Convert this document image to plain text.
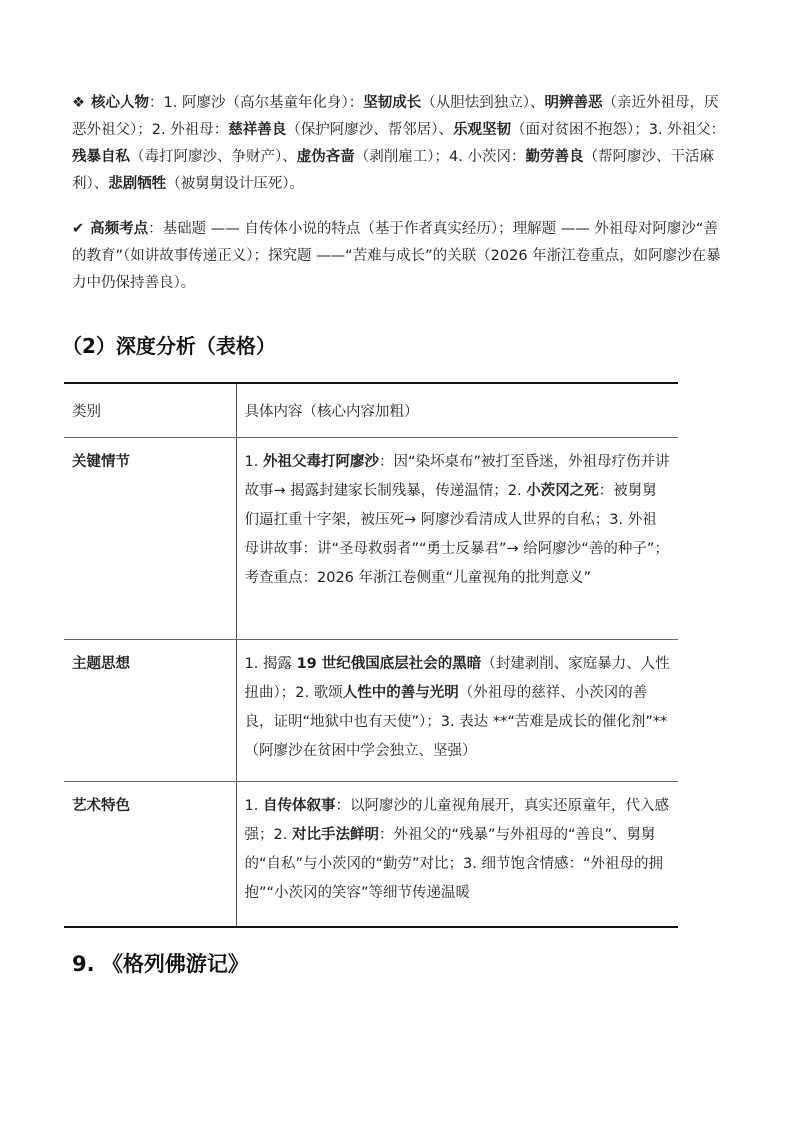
❖ 核心人物：1. 阿廖沙（高尔基童年化身）：坚韧成长（从胆怯到独立）、明辨善恶（亲近外祖母，厌恶外祖父）；2. 外祖母：慈祥善良（保护阿廖沙、帮邻居）、乐观坚韧（面对贫困不抱怨）；3. 外祖父：残暴自私（毒打阿廖沙、争财产）、虚伪吝啬（剥削雇工）；4. 小茨冈：勤劳善良（帮阿廖沙、干活麻利）、悲剧牺牲（被舅舅设计压死）。
✔ 高频考点：基础题 —— 自传体小说的特点（基于作者真实经历）；理解题 —— 外祖母对阿廖沙“善的教育”（如讲故事传递正义）；探究题 ——“苦难与成长”的关联（2026 年浙江卷重点，如阿廖沙在暴力中仍保持善良）。
（2）深度分析（表格）
类别	具体内容（核心内容加粗）
关键情节	1. 外祖父毒打阿廖沙：因“染坏桌布”被打至昏迷，外祖母疗伤并讲故事→ 揭露封建家长制残暴，传递温情；2. 小茨冈之死：被舅舅们逼扛重十字架，被压死→ 阿廖沙看清成人世界的自私；3. 外祖母讲故事：讲“圣母救弱者”“勇士反暴君”→ 给阿廖沙“善的种子”；考查重点：2026 年浙江卷侧重“儿童视角的批判意义”
主题思想	1. 揭露 19 世纪俄国底层社会的黑暗（封建剥削、家庭暴力、人性扭曲）；2. 歌颂人性中的善与光明（外祖母的慈祥、小茨冈的善良，证明“地狱中也有天使”）；3. 表达 **“苦难是成长的催化剂”**（阿廖沙在贫困中学会独立、坚强）
艺术特色	1. 自传体叙事：以阿廖沙的儿童视角展开，真实还原童年，代入感强；2. 对比手法鲜明：外祖父的“残暴”与外祖母的“善良”、舅舅的“自私”与小茨冈的“勤劳”对比；3. 细节饱含情感：“外祖母的拥抱”“小茨冈的笑容”等细节传递温暖
9. 《格列佛游记》
